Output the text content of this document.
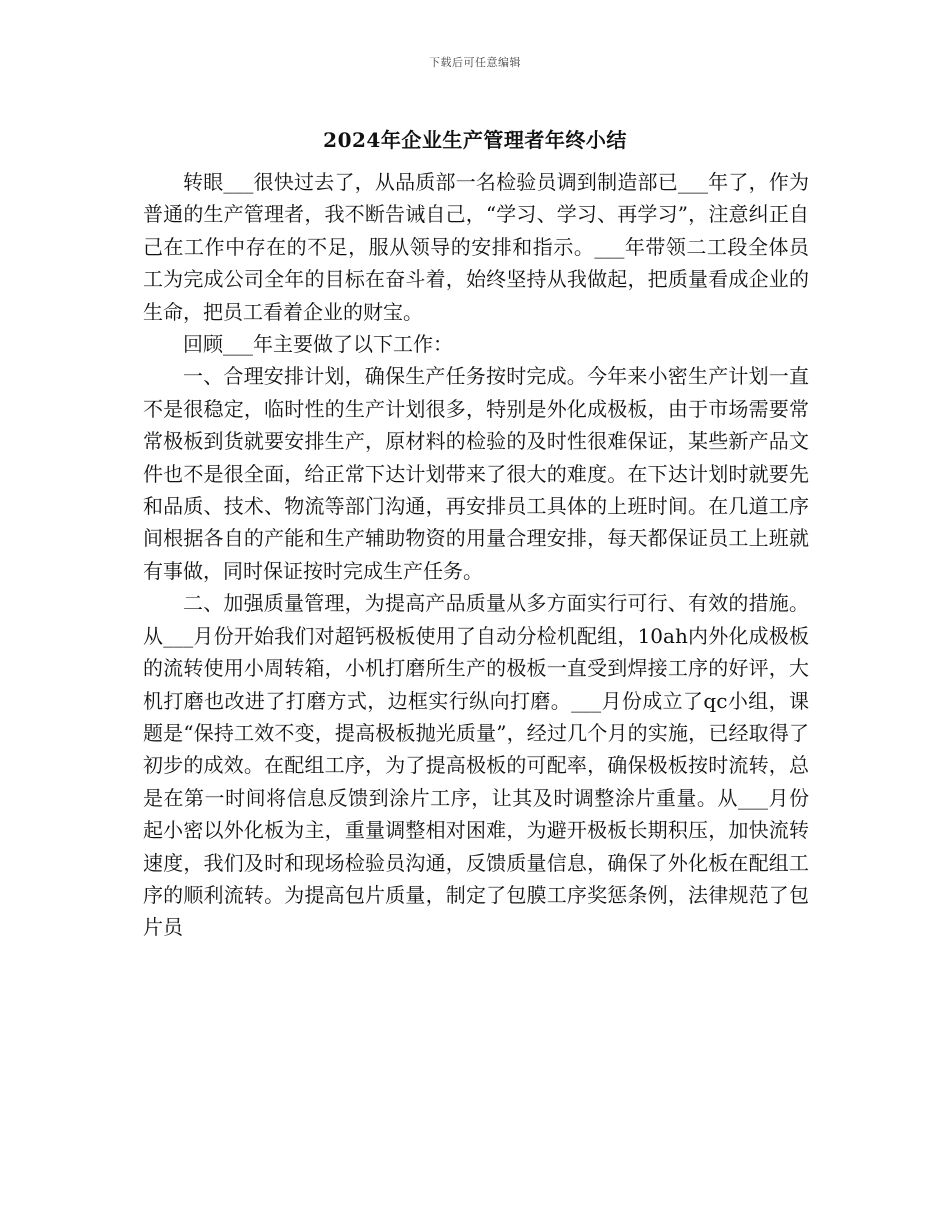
下载后可任意编辑
2024年企业生产管理者年终小结

转眼___很快过去了，从品质部一名检验员调到制造部已___年了，作为普通的生产管理者，我不断告诫自己，“学习、学习、再学习”，注意纠正自己在工作中存在的不足，服从领导的安排和指示。___年带领二工段全体员工为完成公司全年的目标在奋斗着，始终坚持从我做起，把质量看成企业的生命，把员工看着企业的财宝。

回顾___年主要做了以下工作：

一、合理安排计划，确保生产任务按时完成。今年来小密生产计划一直不是很稳定，临时性的生产计划很多，特别是外化成极板，由于市场需要常常极板到货就要安排生产，原材料的检验的及时性很难保证，某些新产品文件也不是很全面，给正常下达计划带来了很大的难度。在下达计划时就要先和品质、技术、物流等部门沟通，再安排员工具体的上班时间。在几道工序间根据各自的产能和生产辅助物资的用量合理安排，每天都保证员工上班就有事做，同时保证按时完成生产任务。

二、加强质量管理，为提高产品质量从多方面实行可行、有效的措施。从___月份开始我们对超钙极板使用了自动分检机配组，10ah内外化成极板的流转使用小周转箱，小机打磨所生产的极板一直受到焊接工序的好评，大机打磨也改进了打磨方式，边框实行纵向打磨。___月份成立了qc小组，课题是“保持工效不变，提高极板抛光质量”，经过几个月的实施，已经取得了初步的成效。在配组工序，为了提高极板的可配率，确保极板按时流转，总是在第一时间将信息反馈到涂片工序，让其及时调整涂片重量。从___月份起小密以外化板为主，重量调整相对困难，为避开极板长期积压，加快流转速度，我们及时和现场检验员沟通，反馈质量信息，确保了外化板在配组工序的顺利流转。为提高包片质量，制定了包膜工序奖惩条例，法律规范了包片员
